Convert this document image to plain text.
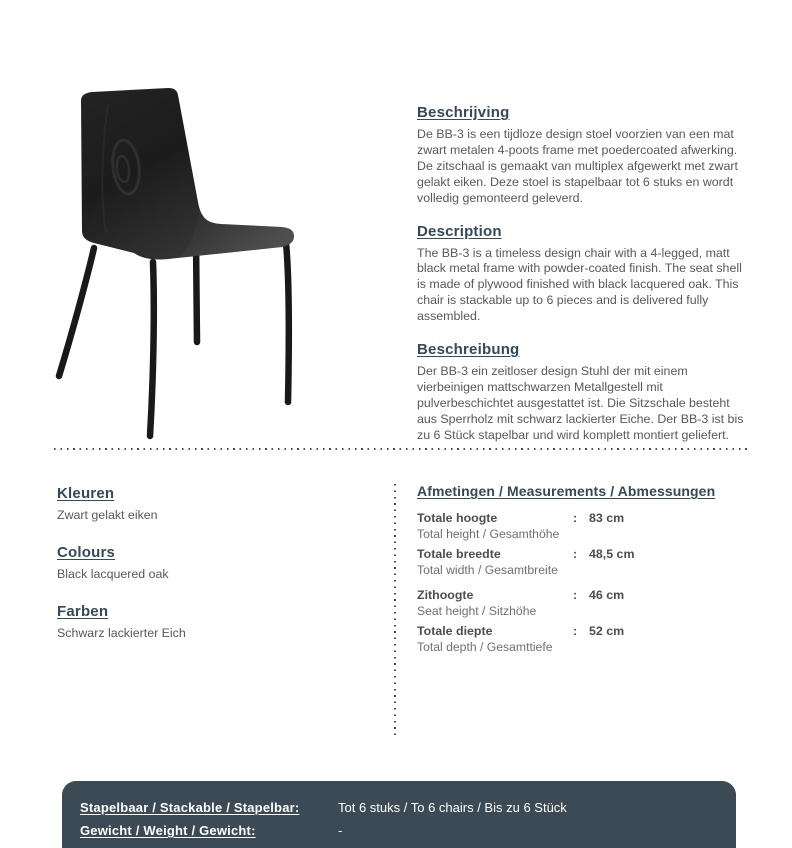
Beschrijving

De BB-3 is een tijdloze design stoel voorzien van een mat zwart metalen 4-poots frame met poedercoated afwerking. De zitschaal is gemaakt van multiplex afgewerkt met zwart gelakt eiken. Deze stoel is stapelbaar tot 6 stuks en wordt volledig gemonteerd geleverd.

Description

The BB-3 is a timeless design chair with a 4-legged, matt black metal frame with powder-coated finish. The seat shell is made of plywood finished with black lacquered oak. This chair is stackable up to 6 pieces and is delivered fully assembled.

Beschreibung

Der BB-3 ein zeitloser design Stuhl der mit einem vierbeinigen mattschwarzen Metallgestell mit pulverbeschichtet ausgestattet ist. Die Sitzschale besteht aus Sperrholz mit schwarz lackierter Eiche. Der BB-3 ist bis zu 6 Stück stapelbar und wird komplett montiert geliefert.

Kleuren
Zwart gelakt eiken
Colours
Black lacquered oak
Farben
Schwarz lackierter Eich
Afmetingen / Measurements / Abmessungen
Totale hoogte	: 83 cm
Total height / Gesamthöhe
Totale breedte	: 48,5 cm
Total width / Gesamtbreite
Zithoogte	: 46 cm
Seat height / Sitzhöhe
Totale diepte	: 52 cm
Total depth / Gesamttiefe
Stapelbaar / Stackable / Stapelbar:	Tot 6 stuks / To 6 chairs / Bis zu 6 Stück
Gewicht / Weight / Gewicht:	-
